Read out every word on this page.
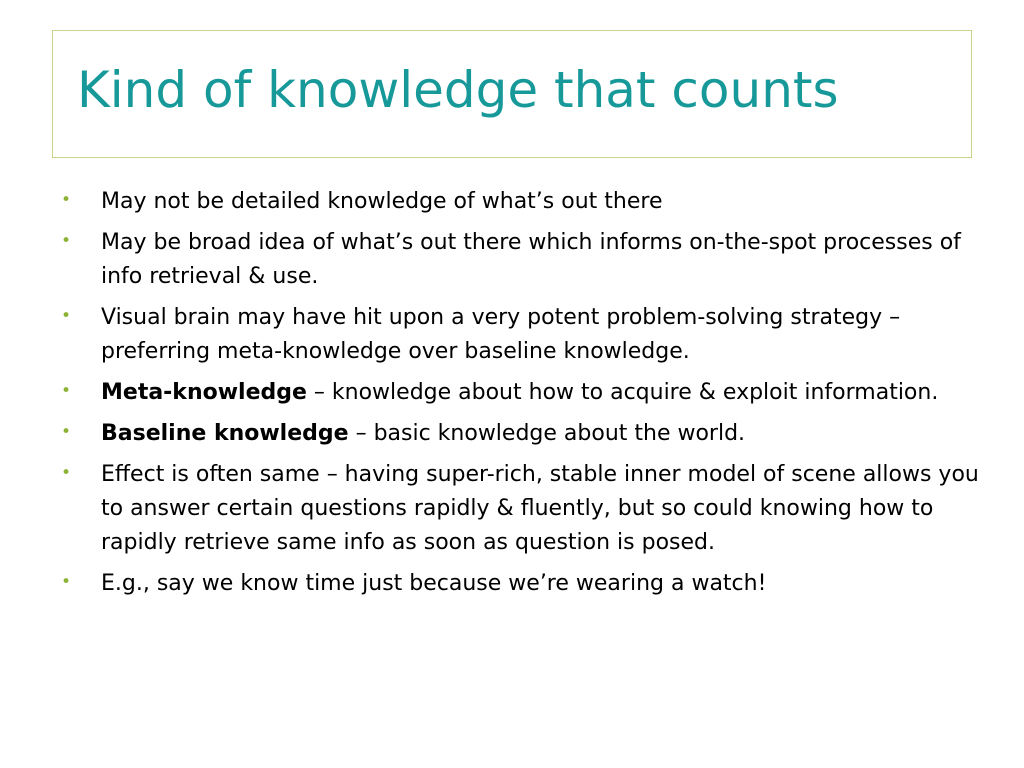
Kind of knowledge that counts
• May not be detailed knowledge of what’s out there
• May be broad idea of what’s out there which informs on-the-spot processes of info retrieval & use.
• Visual brain may have hit upon a very potent problem-solving strategy – preferring meta-knowledge over baseline knowledge.
• Meta-knowledge – knowledge about how to acquire & exploit information.
• Baseline knowledge – basic knowledge about the world.
• Effect is often same – having super-rich, stable inner model of scene allows you to answer certain questions rapidly & fluently, but so could knowing how to rapidly retrieve same info as soon as question is posed.
• E.g., say we know time just because we’re wearing a watch!
